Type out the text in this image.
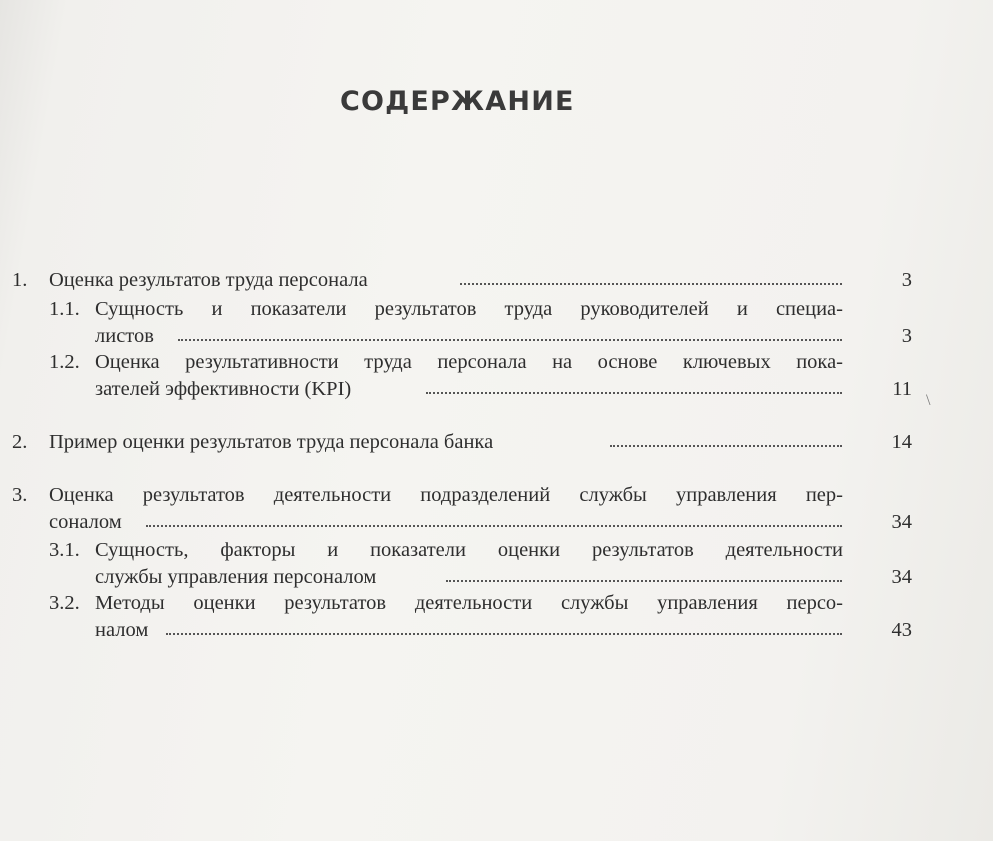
СОДЕРЖАНИЕ
1. Оценка результатов труда персонала	3
1.1. Сущность и показатели результатов труда руководителей и специа-
листов	3
1.2. Оценка результативности труда персонала на основе ключевых пока-
зателей эффективности (KPI)	11
2. Пример оценки результатов труда персонала банка	14
3. Оценка результатов деятельности подразделений службы управления пер-
соналом	34
3.1. Сущность, факторы и показатели оценки результатов деятельности
службы управления персоналом	34
3.2. Методы оценки результатов деятельности службы управления персо-
налом	43
\
